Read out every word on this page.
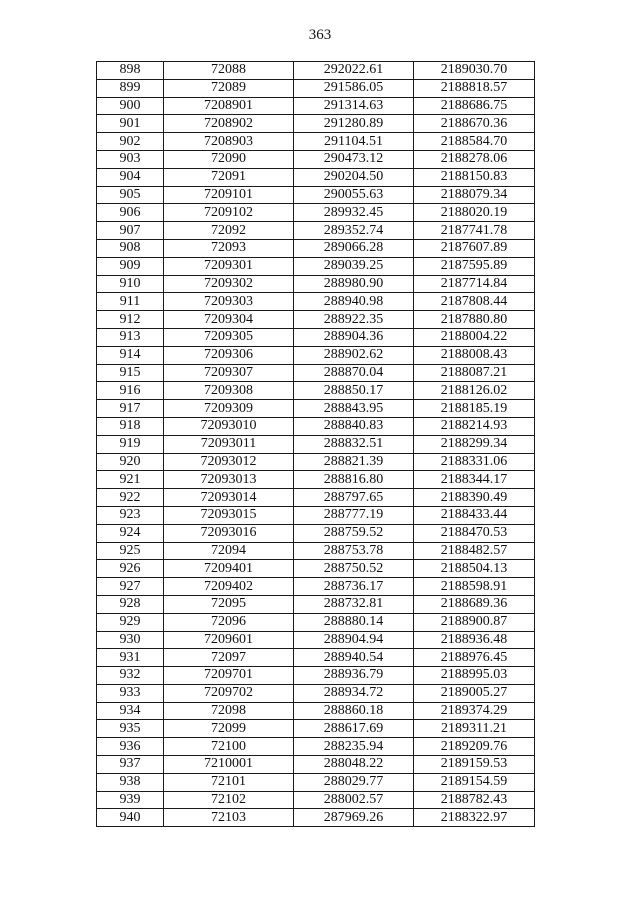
363
898	72088	292022.61	2189030.70
899	72089	291586.05	2188818.57
900	7208901	291314.63	2188686.75
901	7208902	291280.89	2188670.36
902	7208903	291104.51	2188584.70
903	72090	290473.12	2188278.06
904	72091	290204.50	2188150.83
905	7209101	290055.63	2188079.34
906	7209102	289932.45	2188020.19
907	72092	289352.74	2187741.78
908	72093	289066.28	2187607.89
909	7209301	289039.25	2187595.89
910	7209302	288980.90	2187714.84
911	7209303	288940.98	2187808.44
912	7209304	288922.35	2187880.80
913	7209305	288904.36	2188004.22
914	7209306	288902.62	2188008.43
915	7209307	288870.04	2188087.21
916	7209308	288850.17	2188126.02
917	7209309	288843.95	2188185.19
918	72093010	288840.83	2188214.93
919	72093011	288832.51	2188299.34
920	72093012	288821.39	2188331.06
921	72093013	288816.80	2188344.17
922	72093014	288797.65	2188390.49
923	72093015	288777.19	2188433.44
924	72093016	288759.52	2188470.53
925	72094	288753.78	2188482.57
926	7209401	288750.52	2188504.13
927	7209402	288736.17	2188598.91
928	72095	288732.81	2188689.36
929	72096	288880.14	2188900.87
930	7209601	288904.94	2188936.48
931	72097	288940.54	2188976.45
932	7209701	288936.79	2188995.03
933	7209702	288934.72	2189005.27
934	72098	288860.18	2189374.29
935	72099	288617.69	2189311.21
936	72100	288235.94	2189209.76
937	7210001	288048.22	2189159.53
938	72101	288029.77	2189154.59
939	72102	288002.57	2188782.43
940	72103	287969.26	2188322.97
